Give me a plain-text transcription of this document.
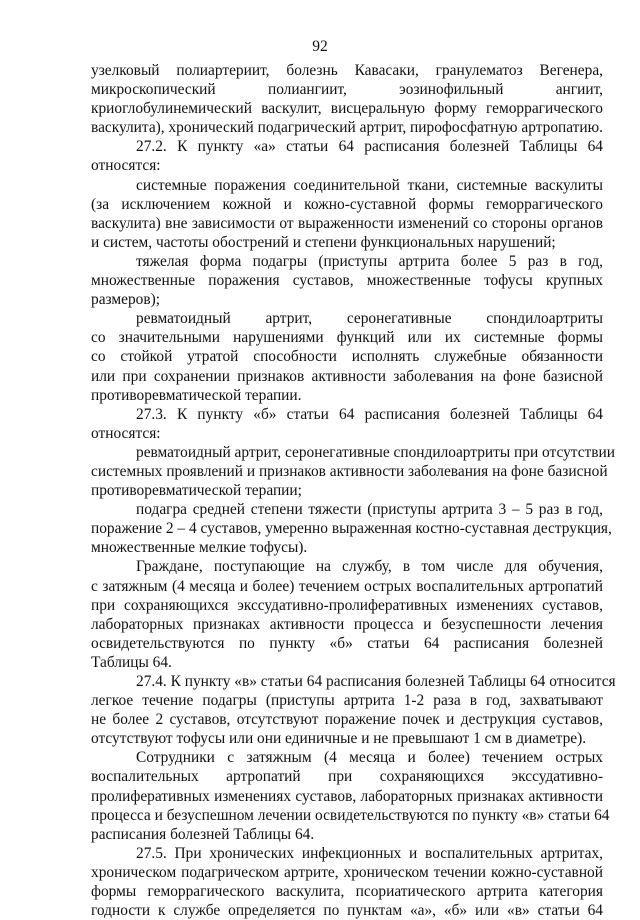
92
узелковый полиартериит, болезнь Кавасаки, гранулематоз Вегенера,
микроскопический полиангиит, эозинофильный ангиит,
криоглобулинемический васкулит, висцеральную форму геморрагического
васкулита), хронический подагрический артрит, пирофосфатную артропатию.
27.2. К пункту «а» статьи 64 расписания болезней Таблицы 64
относятся:
системные поражения соединительной ткани, системные васкулиты
(за исключением кожной и кожно-суставной формы геморрагического
васкулита) вне зависимости от выраженности изменений со стороны органов
и систем, частоты обострений и степени функциональных нарушений;
тяжелая форма подагры (приступы артрита более 5 раз в год,
множественные поражения суставов, множественные тофусы крупных
размеров);
ревматоидный артрит, серонегативные спондилоартриты
со значительными нарушениями функций или их системные формы
со стойкой утратой способности исполнять служебные обязанности
или при сохранении признаков активности заболевания на фоне базисной
противоревматической терапии.
27.3. К пункту «б» статьи 64 расписания болезней Таблицы 64
относятся:
ревматоидный артрит, серонегативные спондилоартриты при отсутствии
системных проявлений и признаков активности заболевания на фоне базисной
противоревматической терапии;
подагра средней степени тяжести (приступы артрита 3 – 5 раз в год,
поражение 2 – 4 суставов, умеренно выраженная костно-суставная деструкция,
множественные мелкие тофусы).
Граждане, поступающие на службу, в том числе для обучения,
с затяжным (4 месяца и более) течением острых воспалительных артропатий
при сохраняющихся экссудативно-пролиферативных изменениях суставов,
лабораторных признаках активности процесса и безуспешности лечения
освидетельствуются по пункту «б» статьи 64 расписания болезней
Таблицы 64.
27.4. К пункту «в» статьи 64 расписания болезней Таблицы 64 относится
легкое течение подагры (приступы артрита 1-2 раза в год, захватывают
не более 2 суставов, отсутствуют поражение почек и деструкция суставов,
отсутствуют тофусы или они единичные и не превышают 1 см в диаметре).
Сотрудники с затяжным (4 месяца и более) течением острых
воспалительных артропатий при сохраняющихся экссудативно-
пролиферативных изменениях суставов, лабораторных признаках активности
процесса и безуспешном лечении освидетельствуются по пункту «в» статьи 64
расписания болезней Таблицы 64.
27.5. При хронических инфекционных и воспалительных артритах,
хроническом подагрическом артрите, хроническом течении кожно-суставной
формы геморрагического васкулита, псориатического артрита категория
годности к службе определяется по пунктам «а», «б» или «в» статьи 64
